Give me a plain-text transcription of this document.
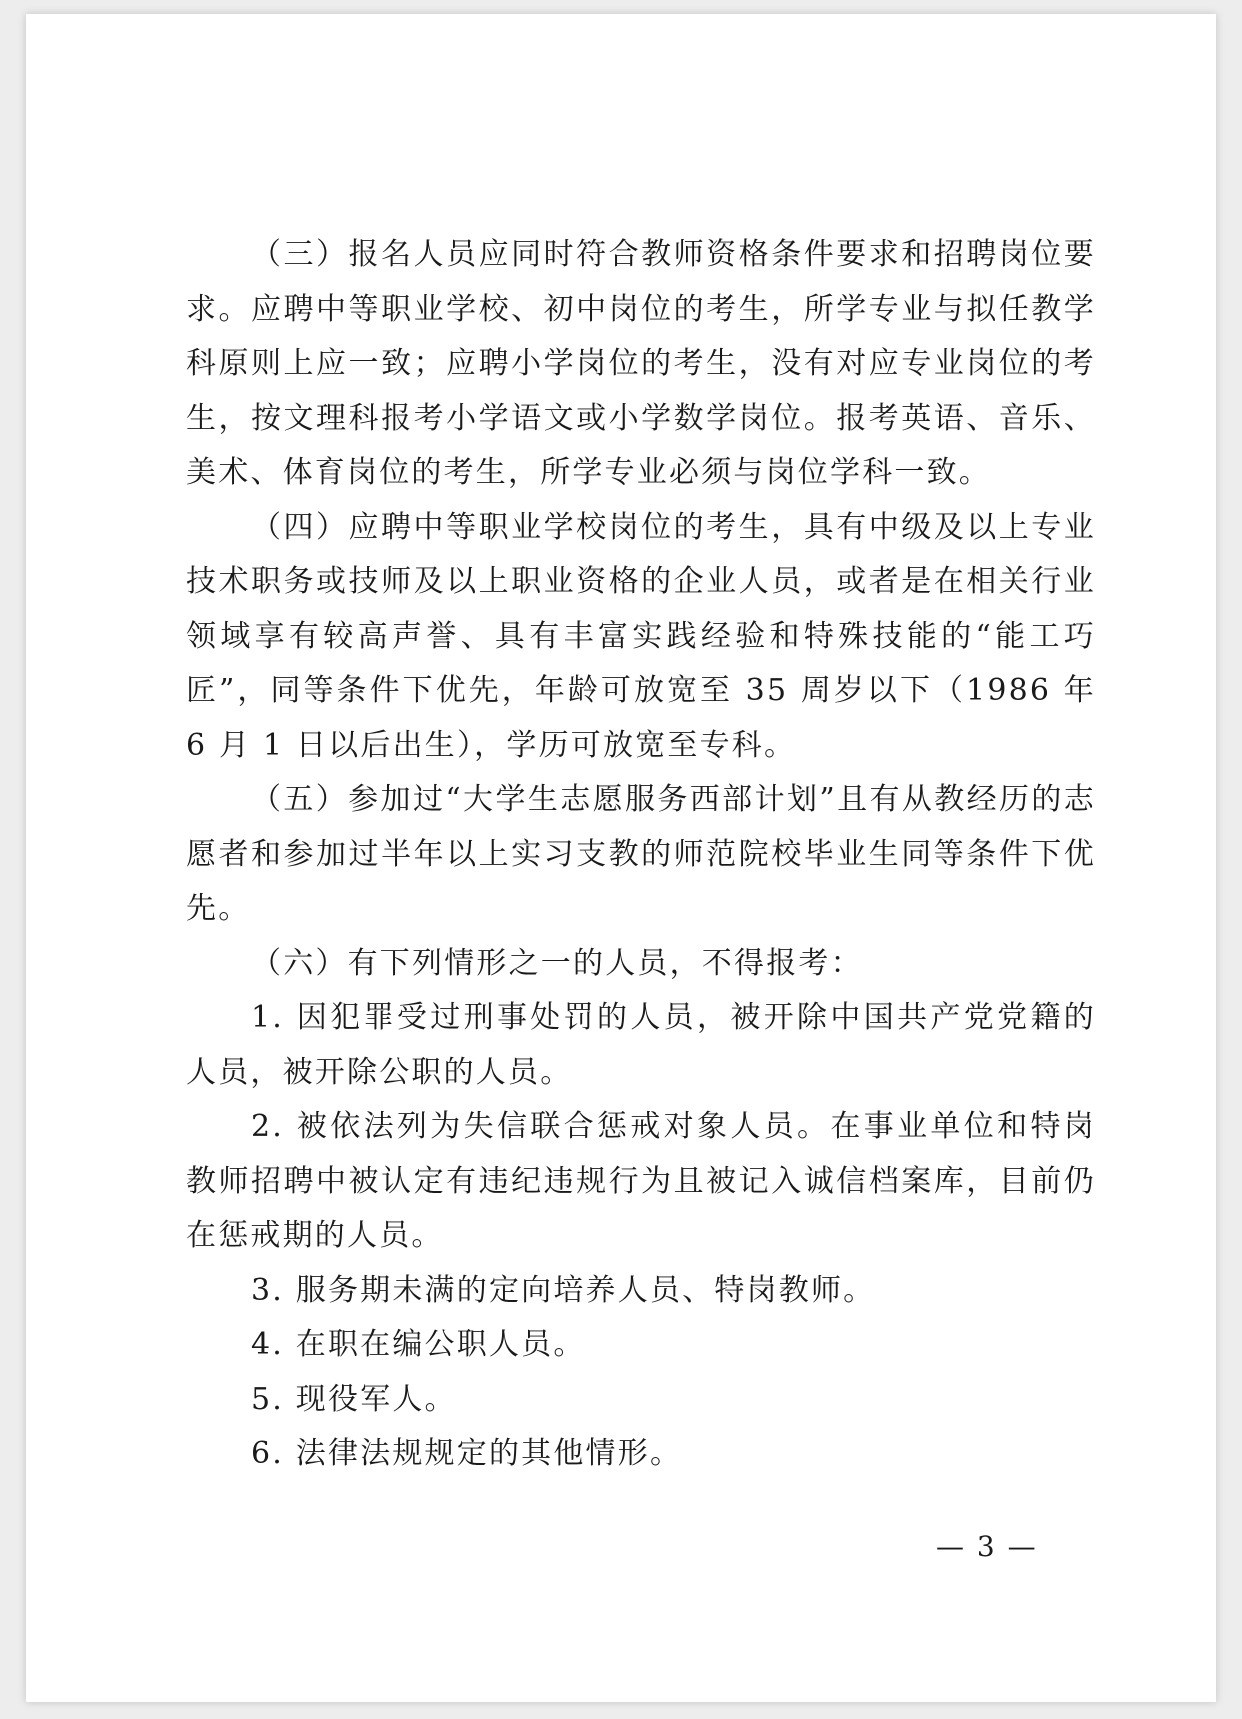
（三）报名人员应同时符合教师资格条件要求和招聘岗位要求。应聘中等职业学校、初中岗位的考生，所学专业与拟任教学科原则上应一致；应聘小学岗位的考生，没有对应专业岗位的考生，按文理科报考小学语文或小学数学岗位。报考英语、音乐、美术、体育岗位的考生，所学专业必须与岗位学科一致。

（四）应聘中等职业学校岗位的考生，具有中级及以上专业技术职务或技师及以上职业资格的企业人员，或者是在相关行业领域享有较高声誉、具有丰富实践经验和特殊技能的“能工巧匠”，同等条件下优先，年龄可放宽至 35 周岁以下（1986 年 6 月 1 日以后出生），学历可放宽至专科。

（五）参加过“大学生志愿服务西部计划”且有从教经历的志愿者和参加过半年以上实习支教的师范院校毕业生同等条件下优先。

（六）有下列情形之一的人员，不得报考：

1. 因犯罪受过刑事处罚的人员，被开除中国共产党党籍的人员，被开除公职的人员。

2. 被依法列为失信联合惩戒对象人员。在事业单位和特岗教师招聘中被认定有违纪违规行为且被记入诚信档案库，目前仍在惩戒期的人员。

3. 服务期未满的定向培养人员、特岗教师。

4. 在职在编公职人员。

5. 现役军人。

6. 法律法规规定的其他情形。

— 3 —
